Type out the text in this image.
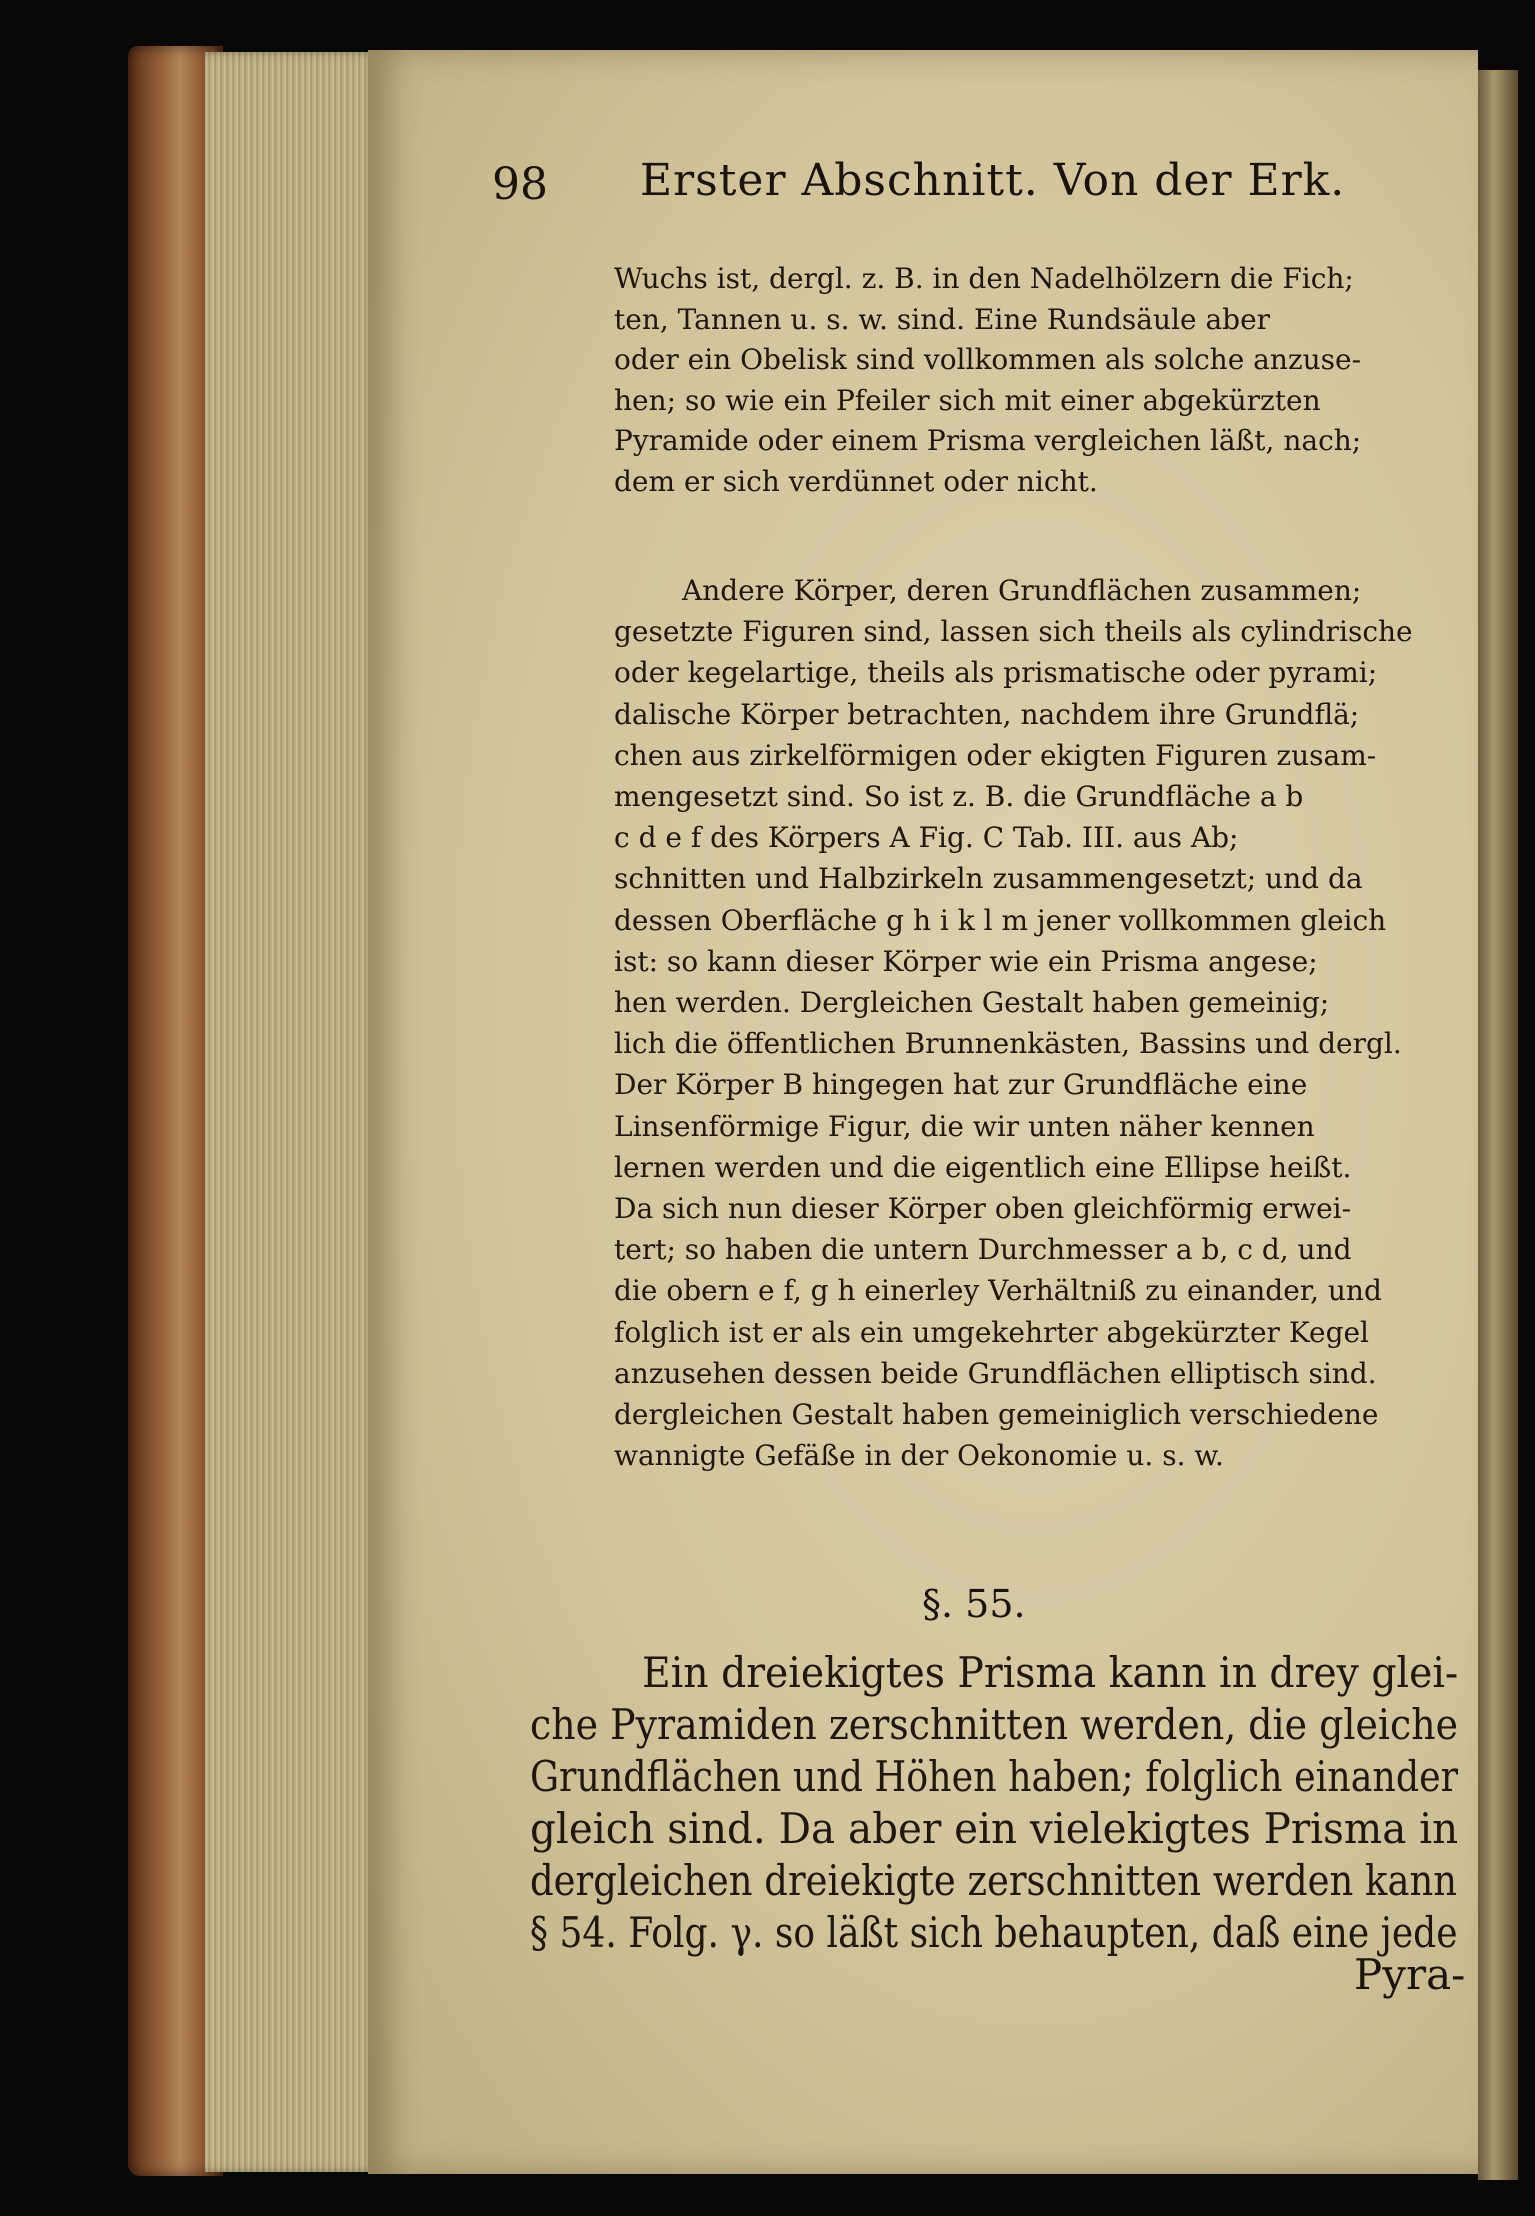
98 Erster Abschnitt. Von der Erk.
Wuchs ist, dergl. z. B. in den Nadelhölzern die Fich;
ten, Tannen u. s. w. sind. Eine Rundsäule aber
oder ein Obelisk sind vollkommen als solche anzuse-
hen; so wie ein Pfeiler sich mit einer abgekürzten
Pyramide oder einem Prisma vergleichen läßt, nach;
dem er sich verdünnet oder nicht.
Andere Körper, deren Grundflächen zusammen;
gesetzte Figuren sind, lassen sich theils als cylindrische
oder kegelartige, theils als prismatische oder pyrami;
dalische Körper betrachten, nachdem ihre Grundflä;
chen aus zirkelförmigen oder ekigten Figuren zusam-
mengesetzt sind. So ist z. B. die Grundfläche a b
c d e f des Körpers A Fig. C Tab. III. aus Ab;
schnitten und Halbzirkeln zusammengesetzt; und da
dessen Oberfläche g h i k l m jener vollkommen gleich
ist: so kann dieser Körper wie ein Prisma angese;
hen werden. Dergleichen Gestalt haben gemeinig;
lich die öffentlichen Brunnenkästen, Bassins und dergl.
Der Körper B hingegen hat zur Grundfläche eine
Linsenförmige Figur, die wir unten näher kennen
lernen werden und die eigentlich eine Ellipse heißt.
Da sich nun dieser Körper oben gleichförmig erwei-
tert; so haben die untern Durchmesser a b, c d, und
die obern e f, g h einerley Verhältniß zu einander, und
folglich ist er als ein umgekehrter abgekürzter Kegel
anzusehen dessen beide Grundflächen elliptisch sind.
dergleichen Gestalt haben gemeiniglich verschiedene
wannigte Gefäße in der Oekonomie u. s. w.
§. 55.
Ein dreiekigtes Prisma kann in drey glei-
che Pyramiden zerschnitten werden, die gleiche
Grundflächen und Höhen haben; folglich einander
gleich sind. Da aber ein vielekigtes Prisma in
dergleichen dreiekigte zerschnitten werden kann
§ 54. Folg. γ. so läßt sich behaupten, daß eine jede
Pyra-
